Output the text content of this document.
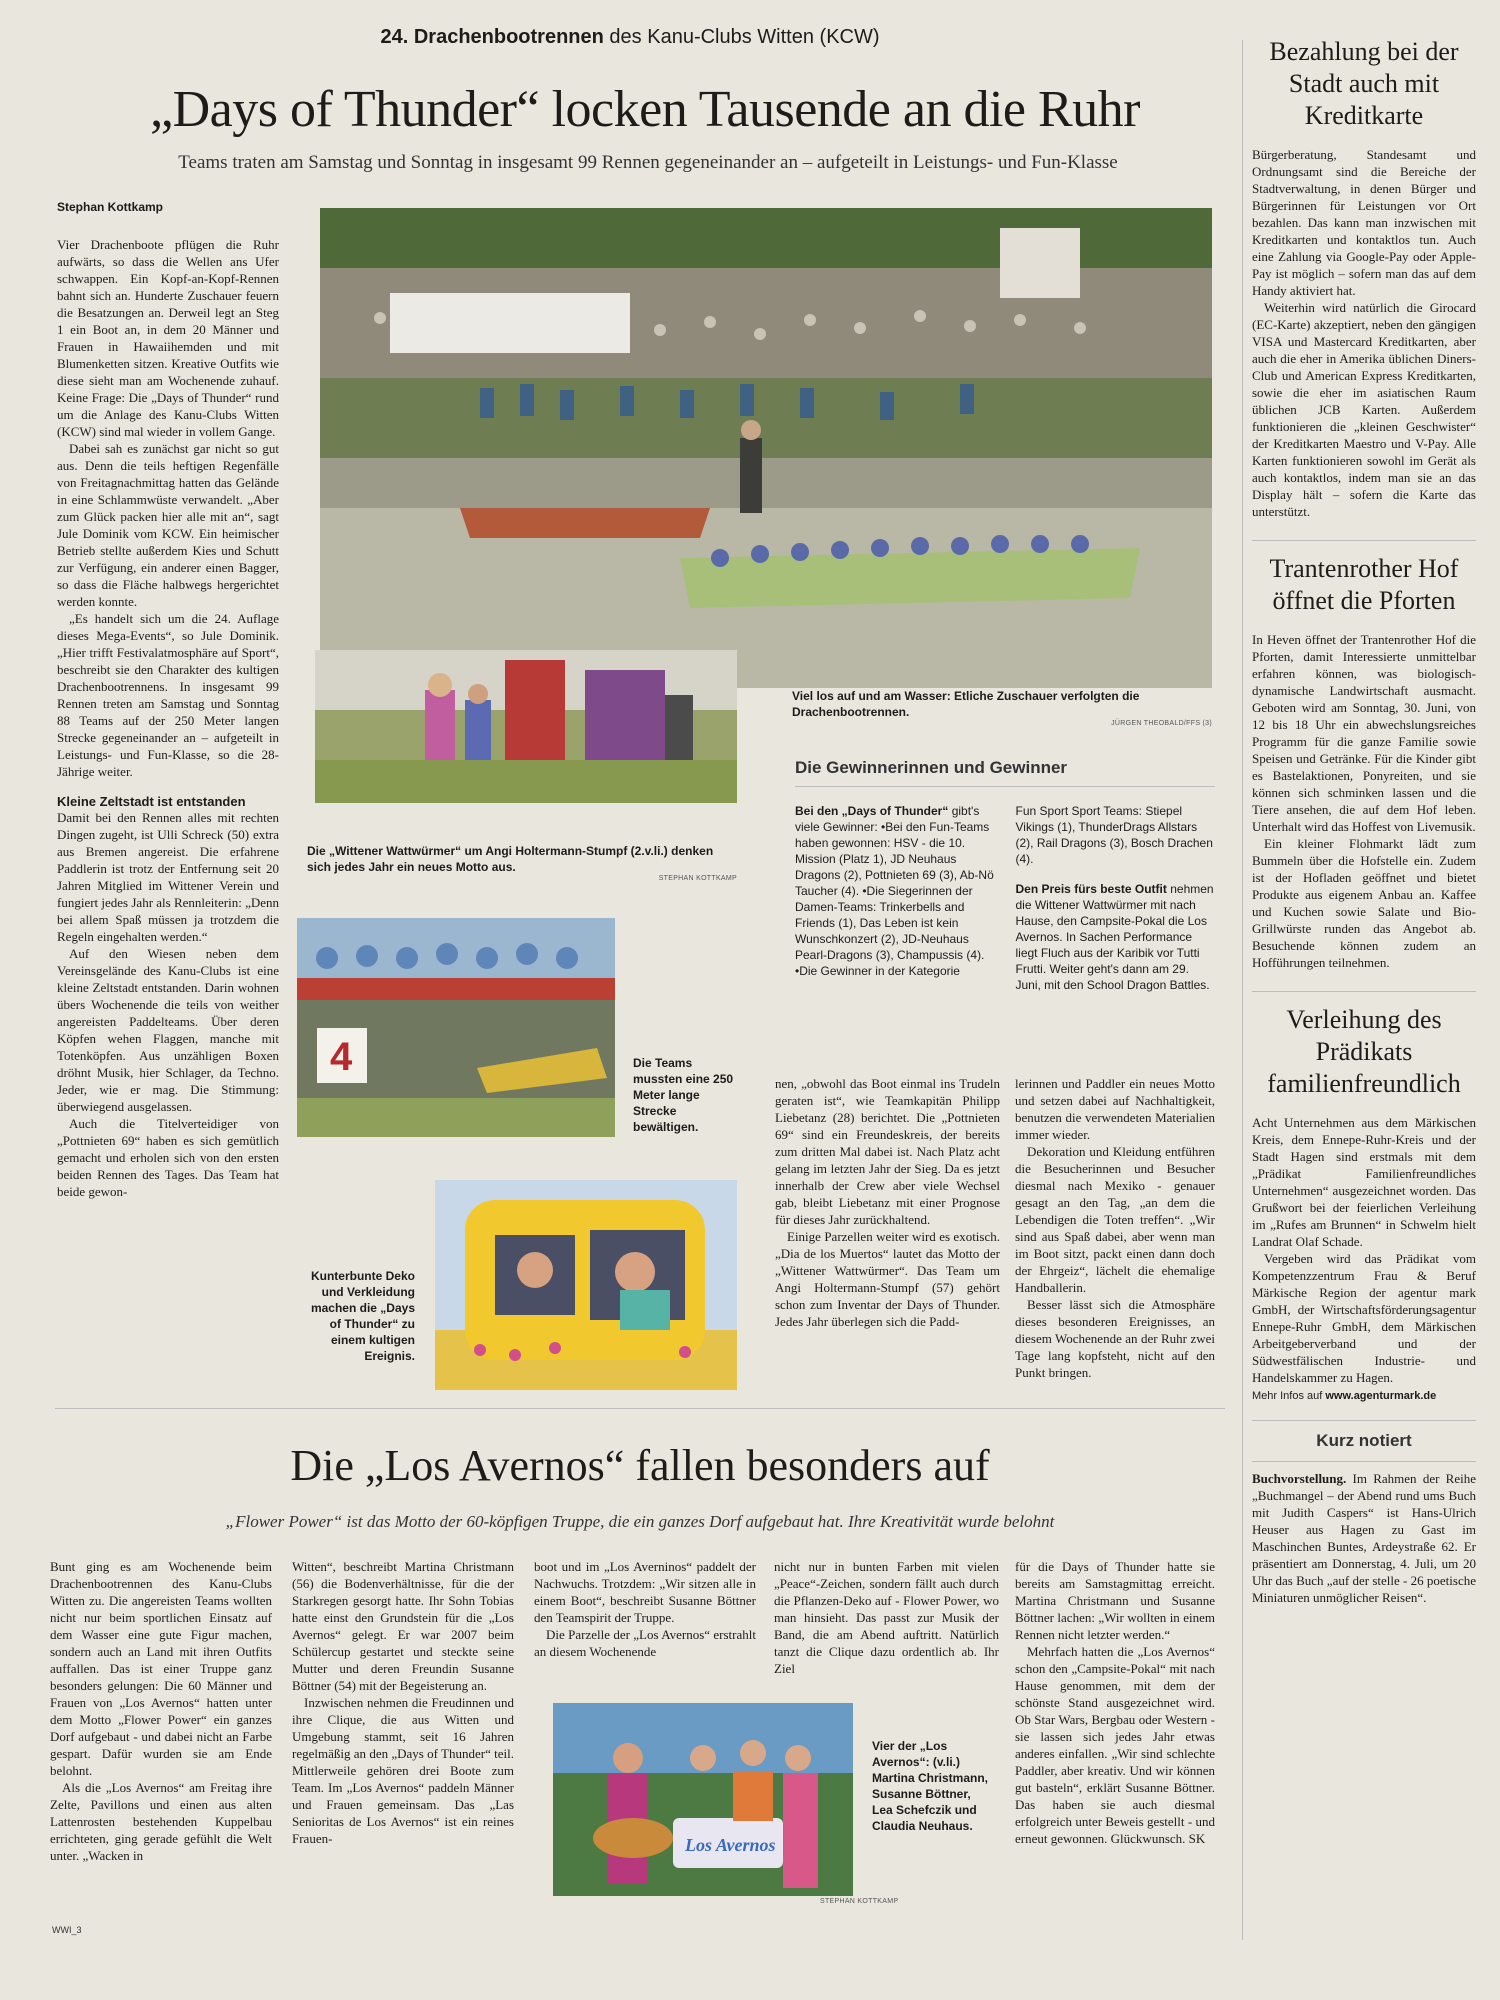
24. Drachenbootrennen des Kanu-Clubs Witten (KCW)
„Days of Thunder“ locken Tausende an die Ruhr
Teams traten am Samstag und Sonntag in insgesamt 99 Rennen gegeneinander an – aufgeteilt in Leistungs- und Fun-Klasse
Stephan Kottkamp

Vier Drachenboote pflügen die Ruhr aufwärts, so dass die Wellen ans Ufer schwappen. Ein Kopf-an-Kopf-Rennen bahnt sich an. Hunderte Zuschauer feuern die Besatzungen an. Derweil legt an Steg 1 ein Boot an, in dem 20 Männer und Frauen in Hawaiihemden und mit Blumenketten sitzen. Kreative Outfits wie diese sieht man am Wochenende zuhauf. Keine Frage: Die „Days of Thunder“ rund um die Anlage des Kanu-Clubs Witten (KCW) sind mal wieder in vollem Gange.

Dabei sah es zunächst gar nicht so gut aus. Denn die teils heftigen Regenfälle von Freitagnachmittag hatten das Gelände in eine Schlammwüste verwandelt. „Aber zum Glück packen hier alle mit an“, sagt Jule Dominik vom KCW. Ein heimischer Betrieb stellte außerdem Kies und Schutt zur Verfügung, ein anderer einen Bagger, so dass die Fläche halbwegs hergerichtet werden konnte.

„Es handelt sich um die 24. Auflage dieses Mega-Events“, so Jule Dominik. „Hier trifft Festivalatmosphäre auf Sport“, beschreibt sie den Charakter des kultigen Drachenbootrennens. In insgesamt 99 Rennen treten am Samstag und Sonntag 88 Teams auf der 250 Meter langen Strecke gegeneinander an – aufgeteilt in Leistungs- und Fun-Klasse, so die 28-Jährige weiter.

Kleine Zeltstadt ist entstanden

Damit bei den Rennen alles mit rechten Dingen zugeht, ist Ulli Schreck (50) extra aus Bremen angereist. Die erfahrene Paddlerin ist trotz der Entfernung seit 20 Jahren Mitglied im Wittener Verein und fungiert jedes Jahr als Rennleiterin: „Denn bei allem Spaß müssen ja trotzdem die Regeln eingehalten werden.“

Auf den Wiesen neben dem Vereinsgelände des Kanu-Clubs ist eine kleine Zeltstadt entstanden. Darin wohnen übers Wochenende die teils von weither angereisten Paddelteams. Über deren Köpfen wehen Flaggen, manche mit Totenköpfen. Aus unzähligen Boxen dröhnt Musik, hier Schlager, da Techno. Jeder, wie er mag. Die Stimmung: überwiegend ausgelassen.

Auch die Titelverteidiger von „Pottnieten 69“ haben es sich gemütlich gemacht und erholen sich von den ersten beiden Rennen des Tages. Das Team hat beide gewon-

Viel los auf und am Wasser: Etliche Zuschauer verfolgten die Drachenbootrennen.
JÜRGEN THEOBALD/FFS (3)
Die „Wittener Wattwürmer“ um Angi Holtermann-Stumpf (2.v.li.) denken sich jedes Jahr ein neues Motto aus.
STEPHAN KOTTKAMP
Die Gewinnerinnen und Gewinner
Bei den „Days of Thunder“ gibt's viele Gewinner: •Bei den Fun-Teams haben gewonnen: HSV - die 10. Mission (Platz 1), JD Neuhaus Dragons (2), Pottnieten 69 (3), Ab-Nö Taucher (4). •Die Siegerinnen der Damen-Teams: Trinkerbells and Friends (1), Das Leben ist kein Wunschkonzert (2), JD-Neuhaus Pearl-Dragons (3), Champussis (4). •Die Gewinner in der Kategorie
Fun Sport Sport Teams: Stiepel Vikings (1), ThunderDrags Allstars (2), Rail Dragons (3), Bosch Drachen (4).
Den Preis fürs beste Outfit nehmen die Wittener Wattwürmer mit nach Hause, den Campsite-Pokal die Los Avernos. In Sachen Performance liegt Fluch aus der Karibik vor Tutti Frutti. Weiter geht's dann am 29. Juni, mit den School Dragon Battles.
4	Die Teams mussten eine 250 Meter lange Strecke bewältigen.

nen, „obwohl das Boot einmal ins Trudeln geraten ist“, wie Teamkapitän Philipp Liebetanz (28) berichtet. Die „Pottnieten 69“ sind ein Freundeskreis, der bereits zum dritten Mal dabei ist. Nach Platz acht gelang im letzten Jahr der Sieg. Da es jetzt innerhalb der Crew aber viele Wechsel gab, bleibt Liebetanz mit einer Prognose für dieses Jahr zurückhaltend.

Einige Parzellen weiter wird es exotisch. „Dia de los Muertos“ lautet das Motto der „Wittener Wattwürmer“. Das Team um Angi Holtermann-Stumpf (57) gehört schon zum Inventar der Days of Thunder. Jedes Jahr überlegen sich die Padd-

lerinnen und Paddler ein neues Motto und setzen dabei auf Nachhaltigkeit, benutzen die verwendeten Materialien immer wieder.

Dekoration und Kleidung entführen die Besucherinnen und Besucher diesmal nach Mexiko - genauer gesagt an den Tag, „an dem die Lebendigen die Toten treffen“. „Wir sind aus Spaß dabei, aber wenn man im Boot sitzt, packt einen dann doch der Ehrgeiz“, lächelt die ehemalige Handballerin.

Besser lässt sich die Atmosphäre dieses besonderen Ereignisses, an diesem Wochenende an der Ruhr zwei Tage lang kopfsteht, nicht auf den Punkt bringen.

Kunterbunte Deko und Verkleidung machen die „Days of Thunder“ zu einem kultigen Ereignis.
Die „Los Avernos“ fallen besonders auf
„Flower Power“ ist das Motto der 60-köpfigen Truppe, die ein ganzes Dorf aufgebaut hat. Ihre Kreativität wurde belohnt

Bunt ging es am Wochenende beim Drachenbootrennen des Kanu-Clubs Witten zu. Die angereisten Teams wollten nicht nur beim sportlichen Einsatz auf dem Wasser eine gute Figur machen, sondern auch an Land mit ihren Outfits auffallen. Das ist einer Truppe ganz besonders gelungen: Die 60 Männer und Frauen von „Los Avernos“ hatten unter dem Motto „Flower Power“ ein ganzes Dorf aufgebaut - und dabei nicht an Farbe gespart. Dafür wurden sie am Ende belohnt.

Als die „Los Avernos“ am Freitag ihre Zelte, Pavillons und einen aus alten Lattenrosten bestehenden Kuppelbau errichteten, ging gerade gefühlt die Welt unter. „Wacken in

Witten“, beschreibt Martina Christmann (56) die Bodenverhältnisse, für die der Starkregen gesorgt hatte. Ihr Sohn Tobias hatte einst den Grundstein für die „Los Avernos“ gelegt. Er war 2007 beim Schülercup gestartet und steckte seine Mutter und deren Freundin Susanne Böttner (54) mit der Begeisterung an.

Inzwischen nehmen die Freudinnen und ihre Clique, die aus Witten und Umgebung stammt, seit 16 Jahren regelmäßig an den „Days of Thunder“ teil. Mittlerweile gehören drei Boote zum Team. Im „Los Avernos“ paddeln Männer und Frauen gemeinsam. Das „Las Senioritas de Los Avernos“ ist ein reines Frauen-

boot und im „Los Averninos“ paddelt der Nachwuchs. Trotzdem: „Wir sitzen alle in einem Boot“, beschreibt Susanne Böttner den Teamspirit der Truppe.

Die Parzelle der „Los Avernos“ erstrahlt an diesem Wochenende

nicht nur in bunten Farben mit vielen „Peace“-Zeichen, sondern fällt auch durch die Pflanzen-Deko auf - Flower Power, wo man hinsieht. Das passt zur Musik der Band, die am Abend auftritt. Natürlich tanzt die Clique dazu ordentlich ab. Ihr Ziel

für die Days of Thunder hatte sie bereits am Samstagmittag erreicht. Martina Christmann und Susanne Böttner lachen: „Wir wollten in einem Rennen nicht letzter werden.“

Mehrfach hatten die „Los Avernos“ schon den „Campsite-Pokal“ mit nach Hause genommen, mit dem der schönste Stand ausgezeichnet wird. Ob Star Wars, Bergbau oder Western - sie lassen sich jedes Jahr etwas anderes einfallen. „Wir sind schlechte Paddler, aber kreativ. Und wir können gut basteln“, erklärt Susanne Böttner. Das haben sie auch diesmal erfolgreich unter Beweis gestellt - und erneut gewonnen. Glückwunsch. SK

Los Avernos
Vier der „Los Avernos“: (v.li.) Martina Christmann, Susanne Böttner, Lea Schefczik und Claudia Neuhaus.
STEPHAN KOTTKAMP
Bezahlung bei der Stadt auch mit Kreditkarte

Bürgerberatung, Standesamt und Ordnungsamt sind die Bereiche der Stadtverwaltung, in denen Bürger und Bürgerinnen für Leistungen vor Ort bezahlen. Das kann man inzwischen mit Kreditkarten und kontaktlos tun. Auch eine Zahlung via Google-Pay oder Apple-Pay ist möglich – sofern man das auf dem Handy aktiviert hat.

Weiterhin wird natürlich die Girocard (EC-Karte) akzeptiert, neben den gängigen VISA und Mastercard Kreditkarten, aber auch die eher in Amerika üblichen Diners-Club und American Express Kreditkarten, sowie die eher im asiatischen Raum üblichen JCB Karten. Außerdem funktionieren die „kleinen Geschwister“ der Kreditkarten Maestro und V-Pay. Alle Karten funktionieren sowohl im Gerät als auch kontaktlos, indem man sie an das Display hält – sofern die Karte das unterstützt.

Trantenrother Hof öffnet die Pforten

In Heven öffnet der Trantenrother Hof die Pforten, damit Interessierte unmittelbar erfahren können, was biologisch-dynamische Landwirtschaft ausmacht. Geboten wird am Sonntag, 30. Juni, von 12 bis 18 Uhr ein abwechslungsreiches Programm für die ganze Familie sowie Speisen und Getränke. Für die Kinder gibt es Bastelaktionen, Ponyreiten, und sie können sich schminken lassen und die Tiere ansehen, die auf dem Hof leben. Unterhalt wird das Hoffest von Livemusik.

Ein kleiner Flohmarkt lädt zum Bummeln über die Hofstelle ein. Zudem ist der Hofladen geöffnet und bietet Produkte aus eigenem Anbau an. Kaffee und Kuchen sowie Salate und Bio-Grillwürste runden das Angebot ab. Besuchende können zudem an Hofführungen teilnehmen.

Verleihung des Prädikats familienfreundlich

Acht Unternehmen aus dem Märkischen Kreis, dem Ennepe-Ruhr-Kreis und der Stadt Hagen sind erstmals mit dem „Prädikat Familienfreundliches Unternehmen“ ausgezeichnet worden. Das Grußwort bei der feierlichen Verleihung im „Rufes am Brunnen“ in Schwelm hielt Landrat Olaf Schade.

Vergeben wird das Prädikat vom Kompetenzzentrum Frau & Beruf Märkische Region der agentur mark GmbH, der Wirtschaftsförderungsagentur Ennepe-Ruhr GmbH, dem Märkischen Arbeitgeberverband und der Südwestfälischen Industrie- und Handelskammer zu Hagen.

Mehr Infos auf www.agenturmark.de
Kurz notiert

Buchvorstellung. Im Rahmen der Reihe „Buchmangel – der Abend rund ums Buch mit Judith Caspers“ ist Hans-Ulrich Heuser aus Hagen zu Gast im Maschinchen Buntes, Ardeystraße 62. Er präsentiert am Donnerstag, 4. Juli, um 20 Uhr das Buch „auf der stelle - 26 poetische Miniaturen unmöglicher Reisen“.

WWI_3
